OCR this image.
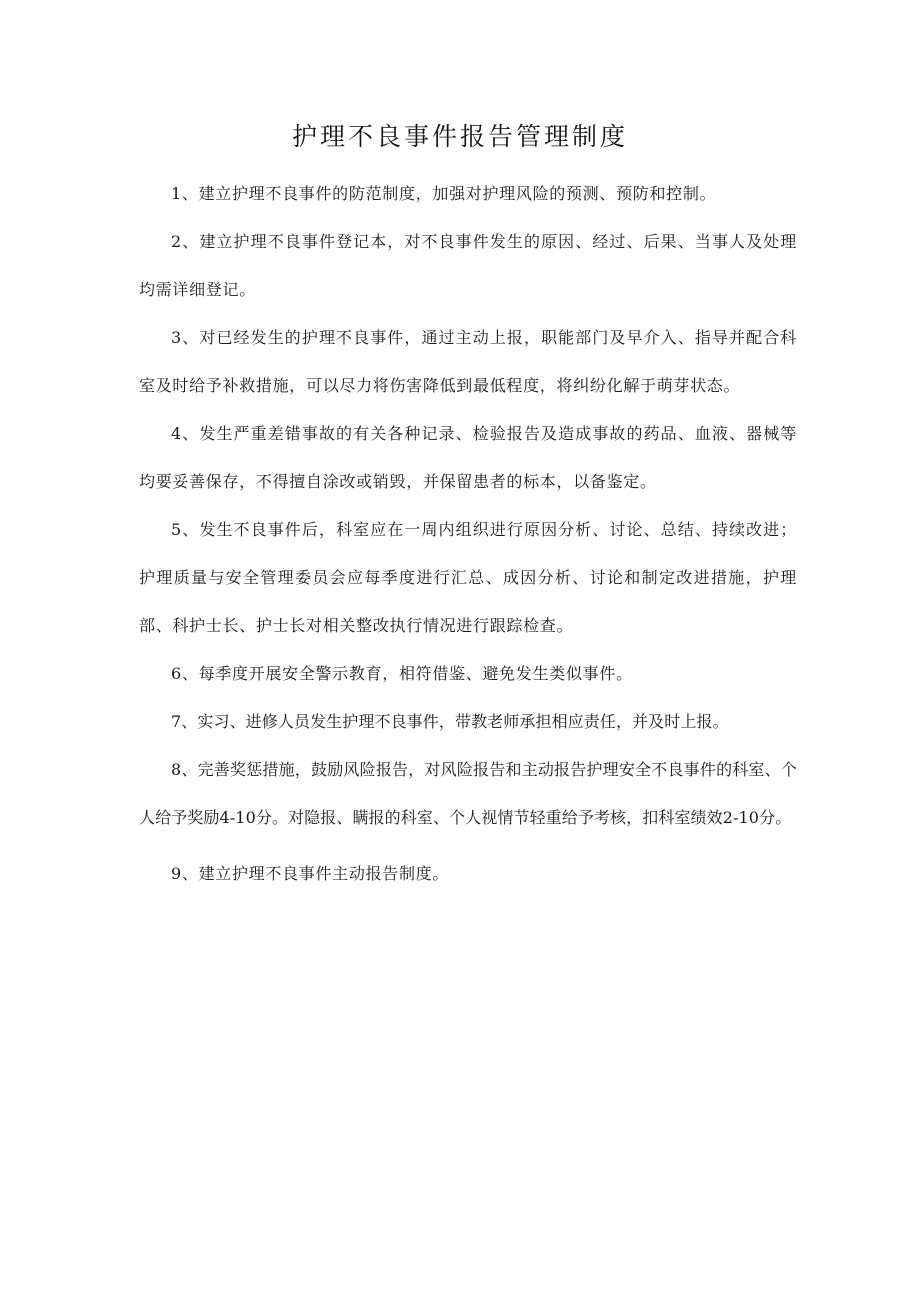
护理不良事件报告管理制度

1、建立护理不良事件的防范制度，加强对护理风险的预测、预防和控制。

2、建立护理不良事件登记本，对不良事件发生的原因、经过、后果、当事人及处理均需详细登记。

3、对已经发生的护理不良事件，通过主动上报，职能部门及早介入、指导并配合科室及时给予补救措施，可以尽力将伤害降低到最低程度，将纠纷化解于萌芽状态。

4、发生严重差错事故的有关各种记录、检验报告及造成事故的药品、血液、器械等均要妥善保存，不得擅自涂改或销毁，并保留患者的标本，以备鉴定。

5、发生不良事件后，科室应在一周内组织进行原因分析、讨论、总结、持续改进；护理质量与安全管理委员会应每季度进行汇总、成因分析、讨论和制定改进措施，护理部、科护士长、护士长对相关整改执行情况进行跟踪检查。

6、每季度开展安全警示教育，相符借鉴、避免发生类似事件。

7、实习、进修人员发生护理不良事件，带教老师承担相应责任，并及时上报。

8、完善奖惩措施，鼓励风险报告，对风险报告和主动报告护理安全不良事件的科室、个人给予奖励4-10分。对隐报、瞒报的科室、个人视情节轻重给予考核，扣科室绩效2-10分。

9、建立护理不良事件主动报告制度。
